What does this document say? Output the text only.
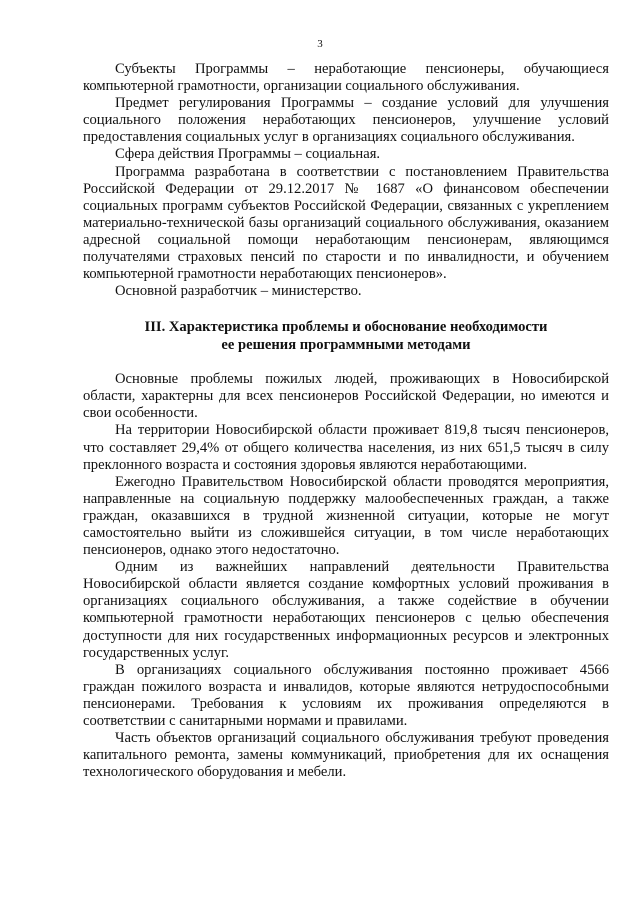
3

Субъекты Программы – неработающие пенсионеры, обучающиеся компьютерной грамотности, организации социального обслуживания.

Предмет регулирования Программы – создание условий для улучшения социального положения неработающих пенсионеров, улучшение условий предоставления социальных услуг в организациях социального обслуживания.

Сфера действия Программы – социальная.

Программа разработана в соответствии с постановлением Правительства Российской Федерации от 29.12.2017 № 1687 «О финансовом обеспечении социальных программ субъектов Российской Федерации, связанных с укреплением материально-технической базы организаций социального обслуживания, оказанием адресной социальной помощи неработающим пенсионерам, являющимся получателями страховых пенсий по старости и по инвалидности, и обучением компьютерной грамотности неработающих пенсионеров».

Основной разработчик – министерство.

III. Характеристика проблемы и обоснование необходимости
ее решения программными методами

Основные проблемы пожилых людей, проживающих в Новосибирской области, характерны для всех пенсионеров Российской Федерации, но имеются и свои особенности.

На территории Новосибирской области проживает 819,8 тысяч пенсионеров, что составляет 29,4% от общего количества населения, из них 651,5 тысяч в силу преклонного возраста и состояния здоровья являются неработающими.

Ежегодно Правительством Новосибирской области проводятся мероприятия, направленные на социальную поддержку малообеспеченных граждан, а также граждан, оказавшихся в трудной жизненной ситуации, которые не могут самостоятельно выйти из сложившейся ситуации, в том числе неработающих пенсионеров, однако этого недостаточно.

Одним из важнейших направлений деятельности Правительства Новосибирской области является создание комфортных условий проживания в организациях социального обслуживания, а также содействие в обучении компьютерной грамотности неработающих пенсионеров с целью обеспечения доступности для них государственных информационных ресурсов и электронных государственных услуг.

В организациях социального обслуживания постоянно проживает 4566 граждан пожилого возраста и инвалидов, которые являются нетрудоспособными пенсионерами. Требования к условиям их проживания определяются в соответствии с санитарными нормами и правилами.

Часть объектов организаций социального обслуживания требуют проведения капитального ремонта, замены коммуникаций, приобретения для их оснащения технологического оборудования и мебели.
